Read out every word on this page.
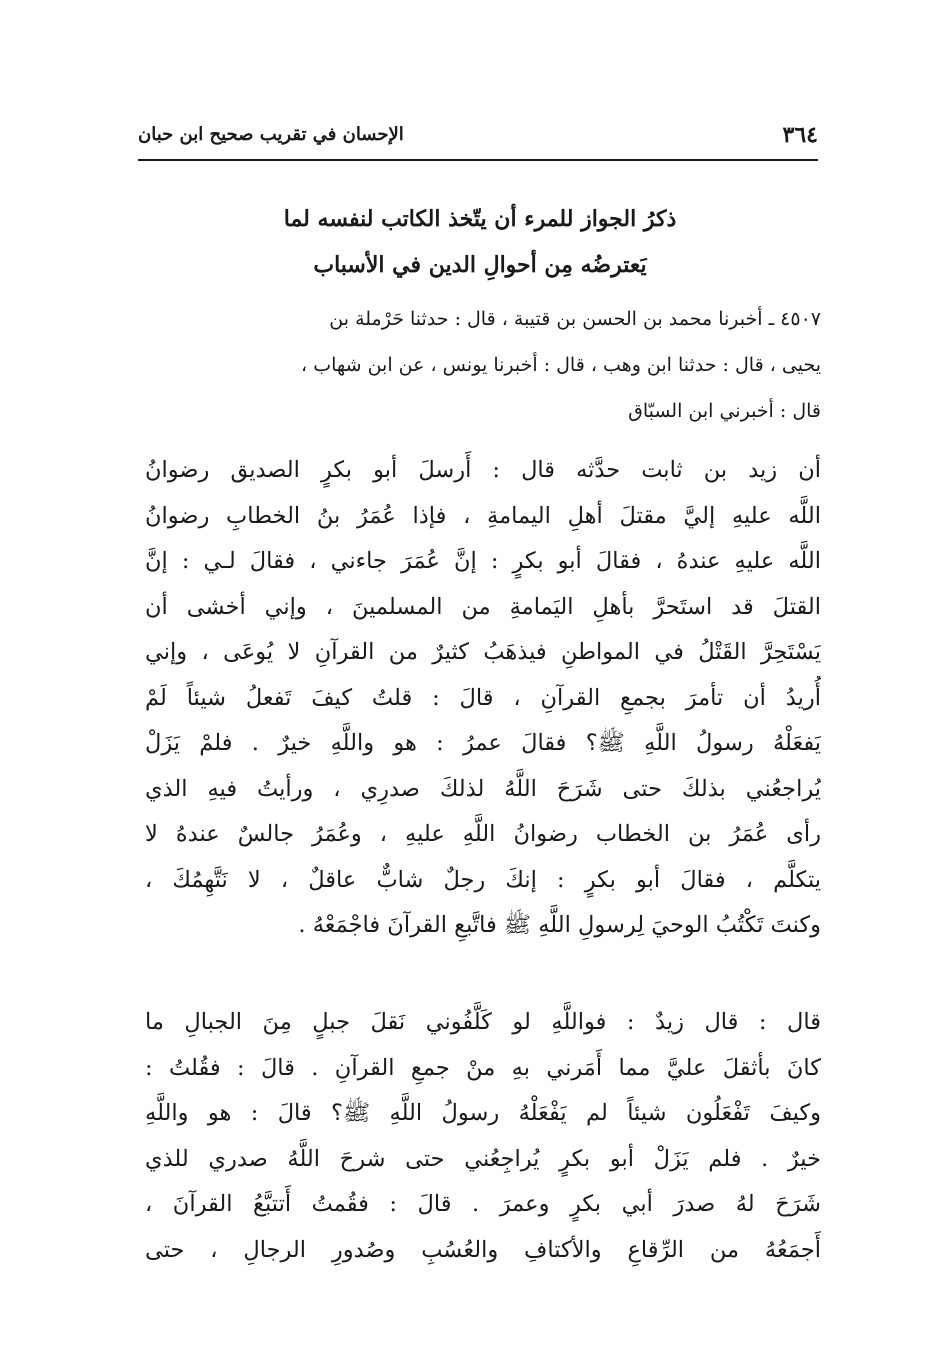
٣٦٤
الإحسان في تقريب صحيح ابن حبان
ذكرُ الجواز للمرء أن يتّخذ الكاتب لنفسه لما
يَعترضُه مِن أحوالِ الدين في الأسباب
٤٥٠٧ ـ أخبرنا محمد بن الحسن بن قتيبة ، قال : حدثنا حَرْملة بن
يحيى ، قال : حدثنا ابن وهب ، قال : أخبرنا يونس ، عن ابن شهاب ،
قال : أخبرني ابن السبّاق
أن زيد بن ثابت حدَّثه قال : أَرسلَ أبو بكرٍ الصديق رضوانُ
اللَّه عليهِ إليَّ مقتلَ أهلِ اليمامةِ ، فإذا عُمَرُ بنُ الخطابِ رضوانُ
اللَّه عليهِ عندهُ ، فقالَ أبو بكرٍ : إنَّ عُمَرَ جاءني ، فقالَ لـي : إنَّ
القتلَ قد استَحرَّ بأهلِ اليَمامةِ من المسلمينَ ، وإني أخشى أن
يَسْتَحِرَّ القَتْلُ في المواطنِ فيذهَبُ كثيرٌ من القرآنِ لا يُوعَى ، وإني
أُريدُ أن تأمرَ بجمعِ القرآنِ ، قالَ : قلتُ كيفَ تَفعلُ شيئاً لَمْ
يَفعَلْهُ رسولُ اللَّهِ ﷺ؟ فقالَ عمرُ : هو واللَّهِ خيرٌ . فلمْ يَزَلْ
يُراجعُني بذلكَ حتى شَرَحَ اللَّهُ لذلكَ صدرِي ، ورأيتُ فيهِ الذي
رأى عُمَرُ بن الخطاب رضوانُ اللَّهِ عليهِ ، وعُمَرُ جالسٌ عندهُ لا
يتكلَّم ، فقالَ أبو بكرٍ : إنكَ رجلٌ شابٌّ عاقلٌ ، لا نَتَّهِمُكَ ،
وكنتَ تَكْتُبُ الوحيَ لِرسولِ اللَّهِ ﷺ فاتَّبعِ القرآنَ فاجْمَعْهُ .
قال : قال زيدٌ : فواللَّهِ لو كَلَّفُوني نَقلَ جبلٍ مِنَ الجبالِ ما
كانَ بأثقلَ عليَّ مما أَمَرني بهِ منْ جمعِ القرآنِ . قالَ : فقُلتُ :
وكيفَ تَفْعَلُون شيئاً لم يَفْعَلْهُ رسولُ اللَّهِ ﷺ؟ قالَ : هو واللَّهِ
خيرٌ . فلم يَزَلْ أبو بكرٍ يُراجِعُني حتى شرحَ اللَّهُ صدري للذي
شَرَحَ لهُ صدرَ أبي بكرٍ وعمرَ . قالَ : فقُمتُ أَتتبَّعُ القرآنَ ،
أَجمَعُهُ من الرِّقاعِ والأكتافِ والعُسُبِ وصُدورِ الرجالِ ، حتى
